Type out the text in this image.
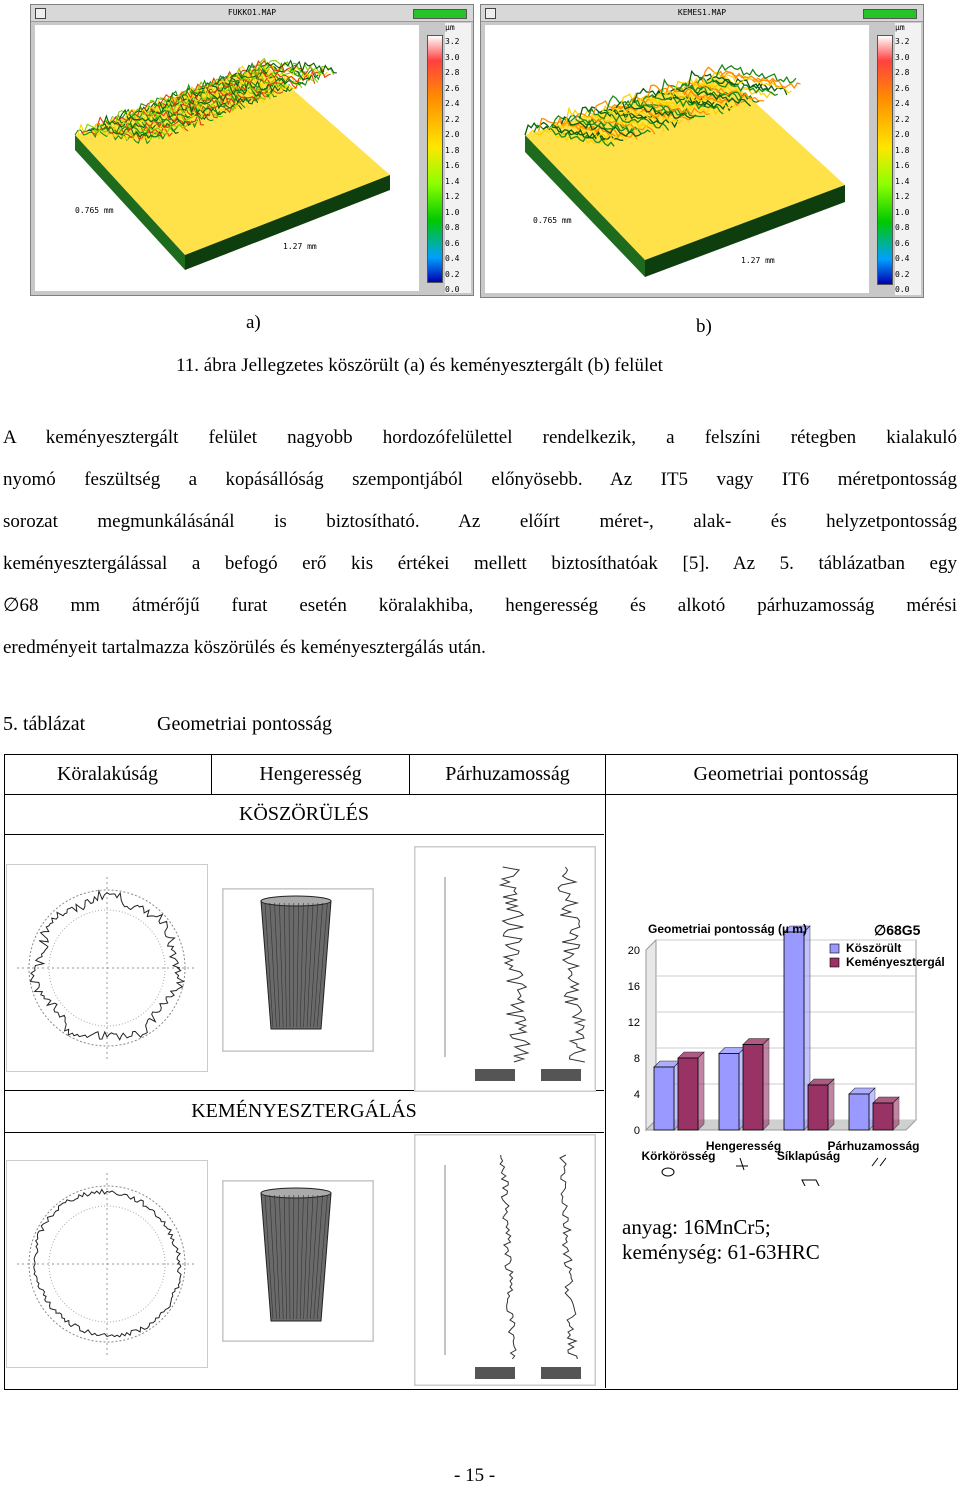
FUKKO1.MAP
0.765 mm
1.27 mm
µm
3.2
3.0
2.8
2.6
2.4
2.2
2.0
1.8
1.6
1.4
1.2
1.0
0.8
0.6
0.4
0.2
0.0
KEMES1.MAP
0.765 mm
1.27 mm
µm
3.2
3.0
2.8
2.6
2.4
2.2
2.0
1.8
1.6
1.4
1.2
1.0
0.8
0.6
0.4
0.2
0.0
a)	b)
11. ábra Jellegzetes köszörült (a) és keményesztergált (b) felület
A keményesztergált felület nagyobb hordozófelülettel rendelkezik, a felszíni rétegben kialakuló
nyomó feszültség a kopásállóság szempontjából előnyösebb. Az IT5 vagy IT6 méretpontosság
sorozat megmunkálásánál is biztosítható. Az előírt méret-, alak- és helyzetpontosság
keményesztergálással a befogó erő kis értékei mellett biztosíthatóak [5]. Az 5. táblázatban egy
∅68 mm átmérőjű furat esetén köralakhiba, hengeresség és alkotó párhuzamosság mérési
eredményeit tartalmazza köszörülés és keményesztergálás után.
5. táblázat	Geometriai pontosság
Köralakúság	Hengeresség	Párhuzamosság	Geometriai pontosság
KÖSZÖRÜLÉS
KEMÉNYESZTERGÁLÁS
0
4
8
12
16
20
Körkörösség
Hengeresség
Síklapúság
Párhuzamosság
Köszörült
Keményesztergál
Geometriai pontosság (µ m)	∅68G5
anyag: 16MnCr5;
keménység: 61-63HRC
- 15 -
